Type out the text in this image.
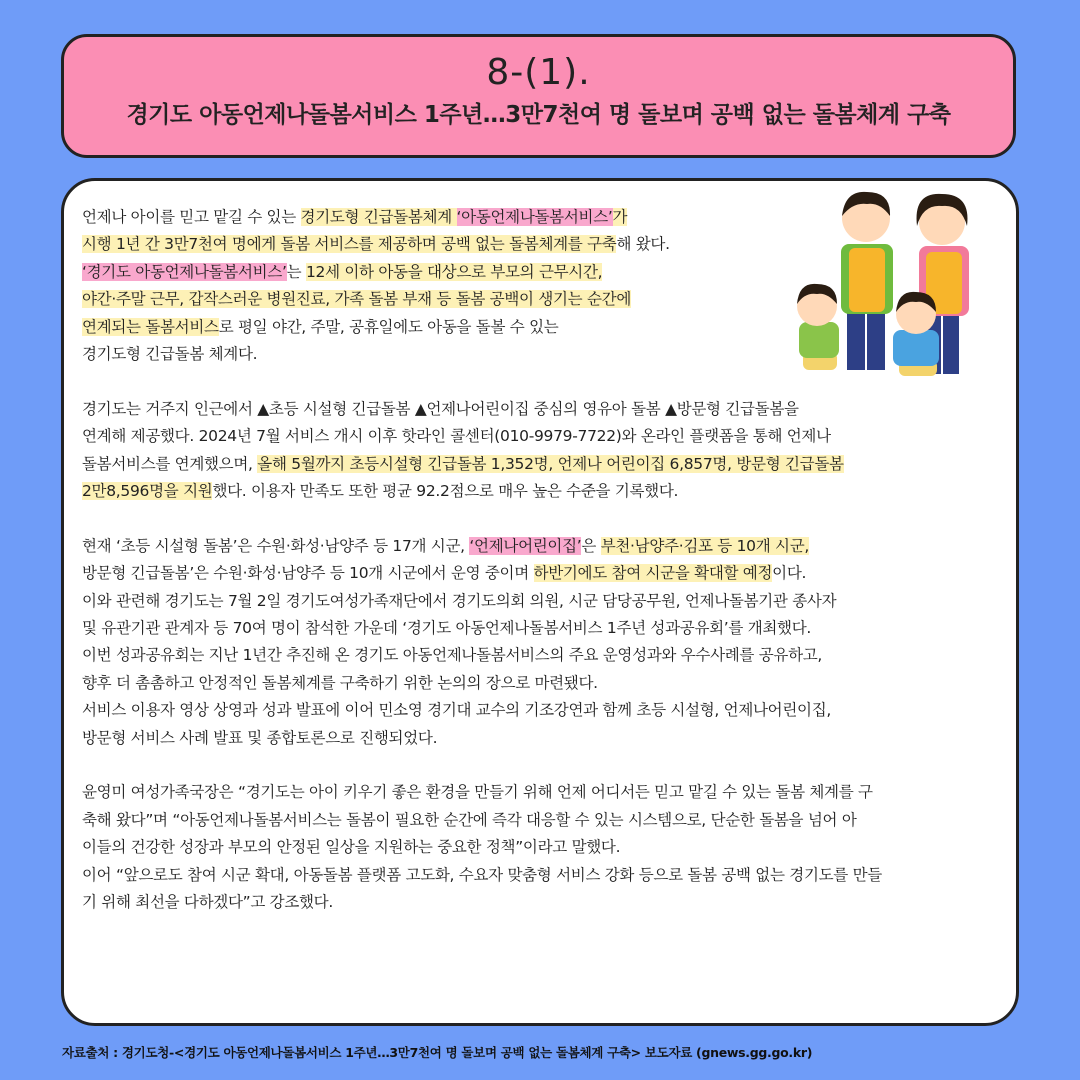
8-(1).
경기도 아동언제나돌봄서비스 1주년…3만7천여 명 돌보며 공백 없는 돌봄체계 구축

언제나 아이를 믿고 맡길 수 있는 경기도형 긴급돌봄체계 ‘아동언제나돌봄서비스’가

시행 1년 간 3만7천여 명에게 돌봄 서비스를 제공하며 공백 없는 돌봄체계를 구축해 왔다.

‘경기도 아동언제나돌봄서비스’는 12세 이하 아동을 대상으로 부모의 근무시간,

야간·주말 근무, 갑작스러운 병원진료, 가족 돌봄 부재 등 돌봄 공백이 생기는 순간에

연계되는 돌봄서비스로 평일 야간, 주말, 공휴일에도 아동을 돌볼 수 있는

경기도형 긴급돌봄 체계다.

경기도는 거주지 인근에서 ▲초등 시설형 긴급돌봄 ▲언제나어린이집 중심의 영유아 돌봄 ▲방문형 긴급돌봄을

연계해 제공했다. 2024년 7월 서비스 개시 이후 핫라인 콜센터(010-9979-7722)와 온라인 플랫폼을 통해 언제나

돌봄서비스를 연계했으며, 올해 5월까지 초등시설형 긴급돌봄 1,352명, 언제나 어린이집 6,857명, 방문형 긴급돌봄

2만8,596명을 지원했다. 이용자 만족도 또한 평균 92.2점으로 매우 높은 수준을 기록했다.

현재 ‘초등 시설형 돌봄’은 수원·화성·남양주 등 17개 시군, ‘언제나어린이집’은 부천·남양주·김포 등 10개 시군,

방문형 긴급돌봄’은 수원·화성·남양주 등 10개 시군에서 운영 중이며 하반기에도 참여 시군을 확대할 예정이다.

이와 관련해 경기도는 7월 2일 경기도여성가족재단에서 경기도의회 의원, 시군 담당공무원, 언제나돌봄기관 종사자

및 유관기관 관계자 등 70여 명이 참석한 가운데 ‘경기도 아동언제나돌봄서비스 1주년 성과공유회’를 개최했다.

이번 성과공유회는 지난 1년간 추진해 온 경기도 아동언제나돌봄서비스의 주요 운영성과와 우수사례를 공유하고,

향후 더 촘촘하고 안정적인 돌봄체계를 구축하기 위한 논의의 장으로 마련됐다.

서비스 이용자 영상 상영과 성과 발표에 이어 민소영 경기대 교수의 기조강연과 함께 초등 시설형, 언제나어린이집,

방문형 서비스 사례 발표 및 종합토론으로 진행되었다.

윤영미 여성가족국장은 “경기도는 아이 키우기 좋은 환경을 만들기 위해 언제 어디서든 믿고 맡길 수 있는 돌봄 체계를 구

축해 왔다”며 “아동언제나돌봄서비스는 돌봄이 필요한 순간에 즉각 대응할 수 있는 시스템으로, 단순한 돌봄을 넘어 아

이들의 건강한 성장과 부모의 안정된 일상을 지원하는 중요한 정책”이라고 말했다.

이어 “앞으로도 참여 시군 확대, 아동돌봄 플랫폼 고도화, 수요자 맞춤형 서비스 강화 등으로 돌봄 공백 없는 경기도를 만들

기 위해 최선을 다하겠다”고 강조했다.

자료출처 : 경기도청-<경기도 아동언제나돌봄서비스 1주년…3만7천여 명 돌보며 공백 없는 돌봄체계 구축> 보도자료 (gnews.gg.go.kr)
